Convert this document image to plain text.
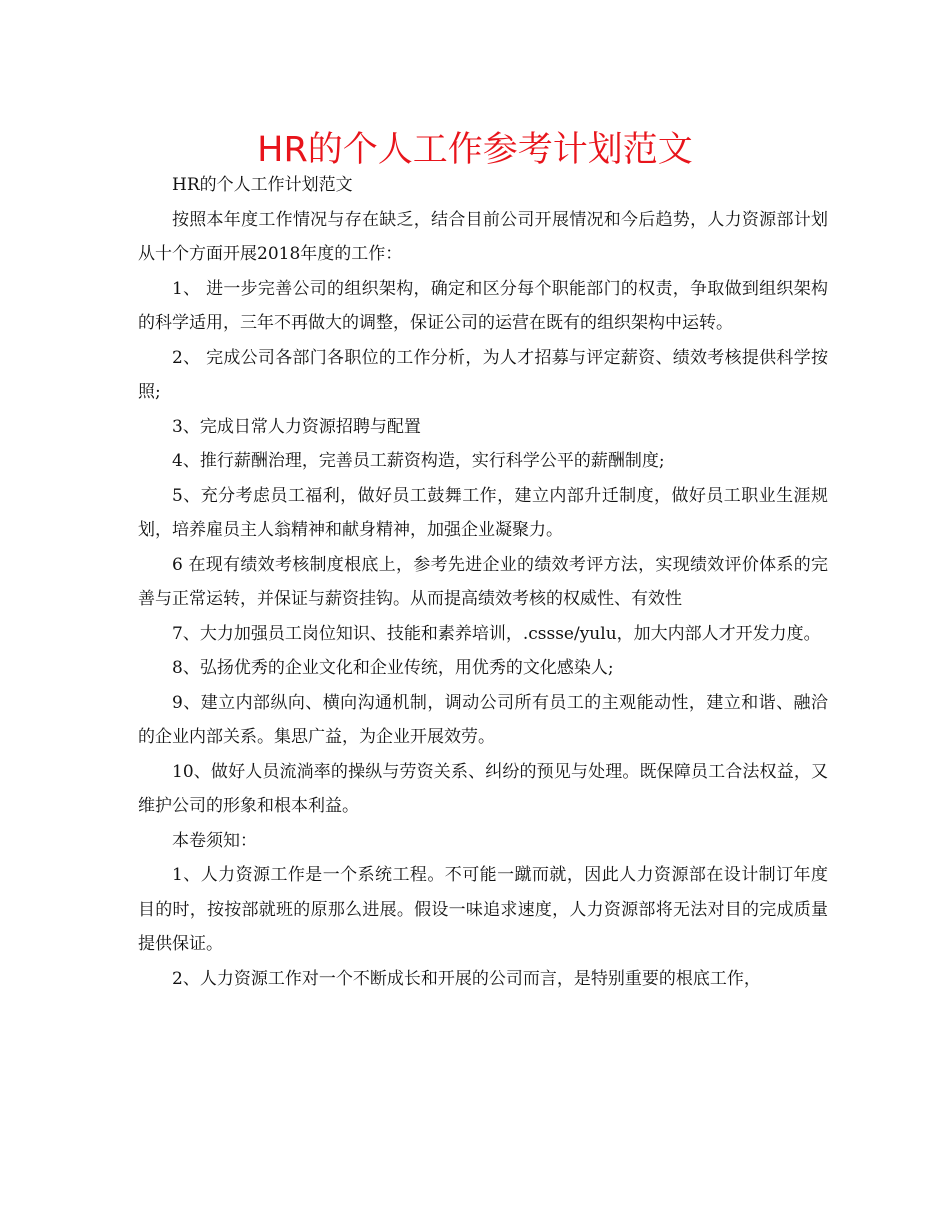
HR的个人工作参考计划范文

HR的个人工作计划范文

按照本年度工作情况与存在缺乏，结合目前公司开展情况和今后趋势，人力资源部计划从十个方面开展2018年度的工作：

1、 进一步完善公司的组织架构，确定和区分每个职能部门的权责，争取做到组织架构的科学适用，三年不再做大的调整，保证公司的运营在既有的组织架构中运转。

2、 完成公司各部门各职位的工作分析，为人才招募与评定薪资、绩效考核提供科学按照;

3、完成日常人力资源招聘与配置

4、推行薪酬治理，完善员工薪资构造，实行科学公平的薪酬制度;

5、充分考虑员工福利，做好员工鼓舞工作，建立内部升迁制度，做好员工职业生涯规划，培养雇员主人翁精神和献身精神，加强企业凝聚力。

6 在现有绩效考核制度根底上，参考先进企业的绩效考评方法，实现绩效评价体系的完善与正常运转，并保证与薪资挂钩。从而提高绩效考核的权威性、有效性

7、大力加强员工岗位知识、技能和素养培训，.cssse/yulu，加大内部人才开发力度。

8、弘扬优秀的企业文化和企业传统，用优秀的文化感染人;

9、建立内部纵向、横向沟通机制，调动公司所有员工的主观能动性，建立和谐、融洽的企业内部关系。集思广益，为企业开展效劳。

10、做好人员流淌率的操纵与劳资关系、纠纷的预见与处理。既保障员工合法权益，又维护公司的形象和根本利益。

本卷须知：

1、人力资源工作是一个系统工程。不可能一蹴而就，因此人力资源部在设计制订年度目的时，按按部就班的原那么进展。假设一味追求速度，人力资源部将无法对目的完成质量提供保证。

2、人力资源工作对一个不断成长和开展的公司而言，是特别重要的根底工作，
